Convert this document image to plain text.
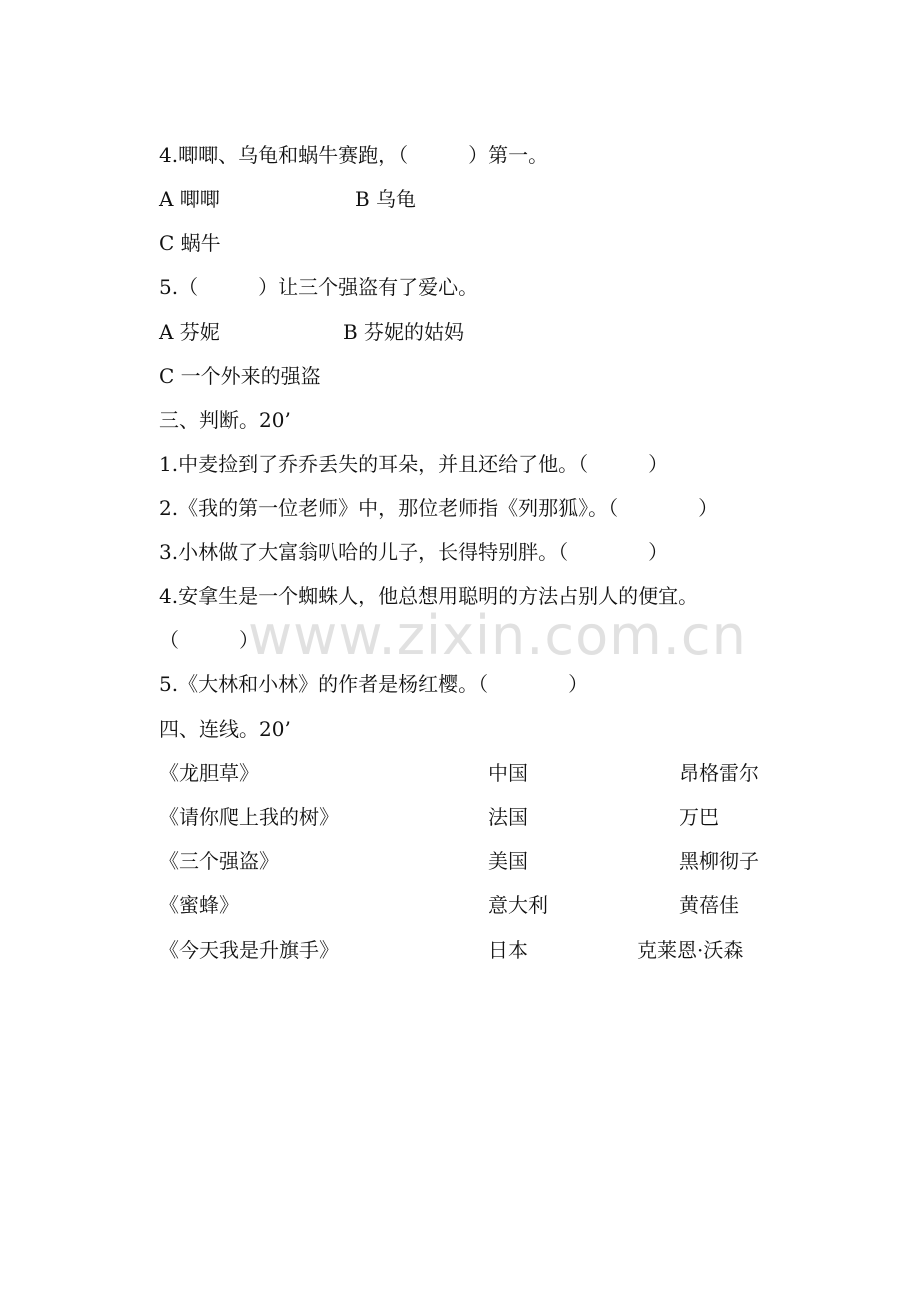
4.唧唧、乌龟和蜗牛赛跑，（　　　）第一。
A 唧唧	B 乌龟
C 蜗牛
5.（　　　）让三个强盗有了爱心。
A 芬妮	B 芬妮的姑妈
C 一个外来的强盗
三、判断。20’
1.中麦捡到了乔乔丢失的耳朵，并且还给了他。（　　　）
2.《我的第一位老师》中，那位老师指《列那狐》。（　　　　）
3.小林做了大富翁叭哈的儿子，长得特别胖。（　　　　）
4.安拿生是一个蜘蛛人，他总想用聪明的方法占别人的便宜。
（　　　）
5.《大林和小林》的作者是杨红樱。（　　　　）
四、连线。20’
《龙胆草》	中国	昂格雷尔
《请你爬上我的树》	法国	万巴
《三个强盗》	美国	黑柳彻子
《蜜蜂》	意大利	黄蓓佳
《今天我是升旗手》	日本	克莱恩·沃森
www.zixin.com.cn
